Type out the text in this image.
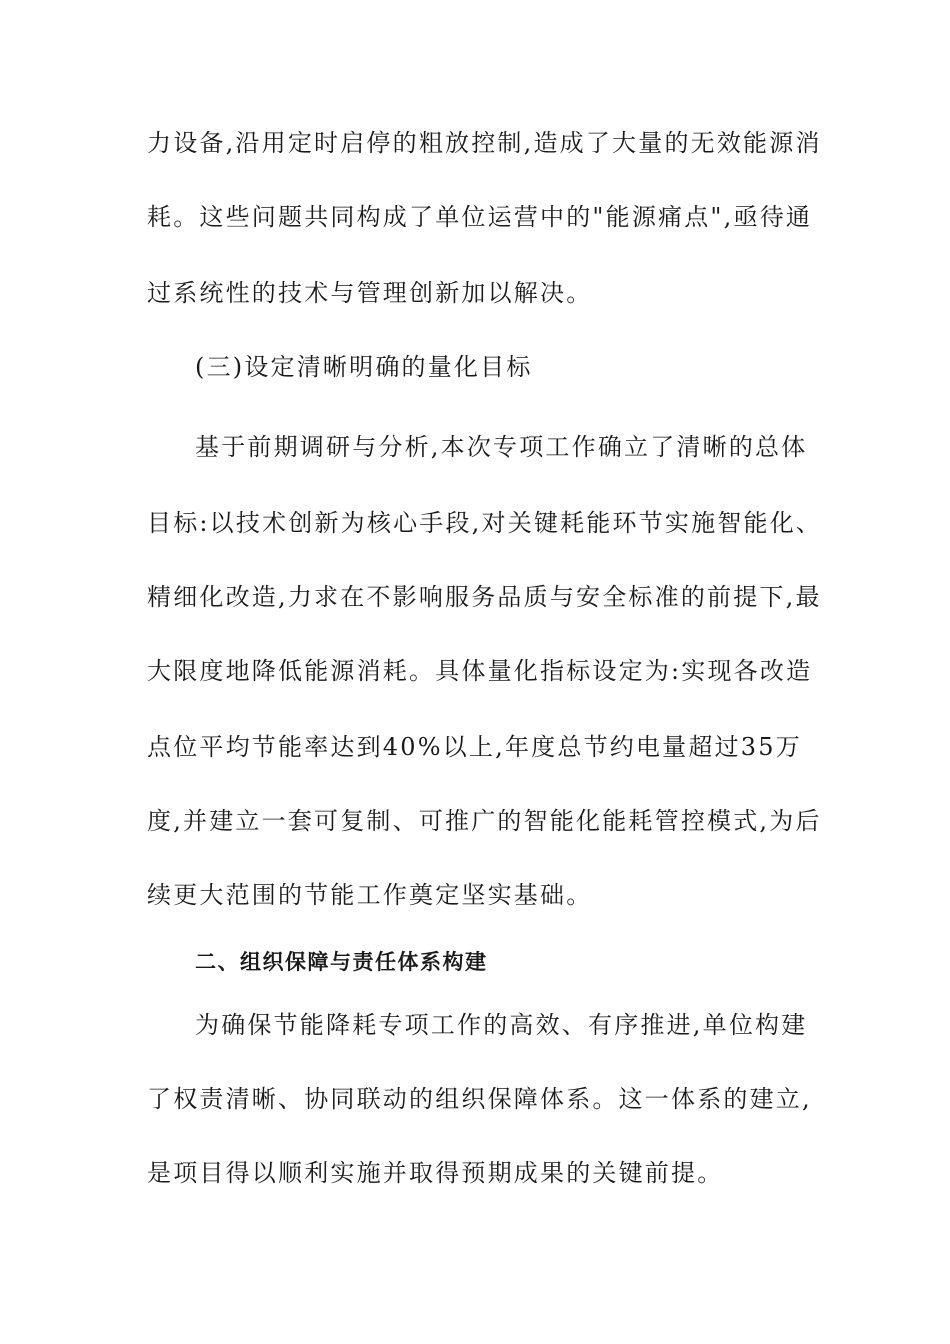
力设备,沿用定时启停的粗放控制,造成了大量的无效能源消
耗。这些问题共同构成了单位运营中的"能源痛点",亟待通
过系统性的技术与管理创新加以解决。
(三)设定清晰明确的量化目标
基于前期调研与分析,本次专项工作确立了清晰的总体
目标:以技术创新为核心手段,对关键耗能环节实施智能化、
精细化改造,力求在不影响服务品质与安全标准的前提下,最
大限度地降低能源消耗。具体量化指标设定为:实现各改造
点位平均节能率达到40%以上,年度总节约电量超过35万
度,并建立一套可复制、可推广的智能化能耗管控模式,为后
续更大范围的节能工作奠定坚实基础。
二、组织保障与责任体系构建
为确保节能降耗专项工作的高效、有序推进,单位构建
了权责清晰、协同联动的组织保障体系。这一体系的建立,
是项目得以顺利实施并取得预期成果的关键前提。
